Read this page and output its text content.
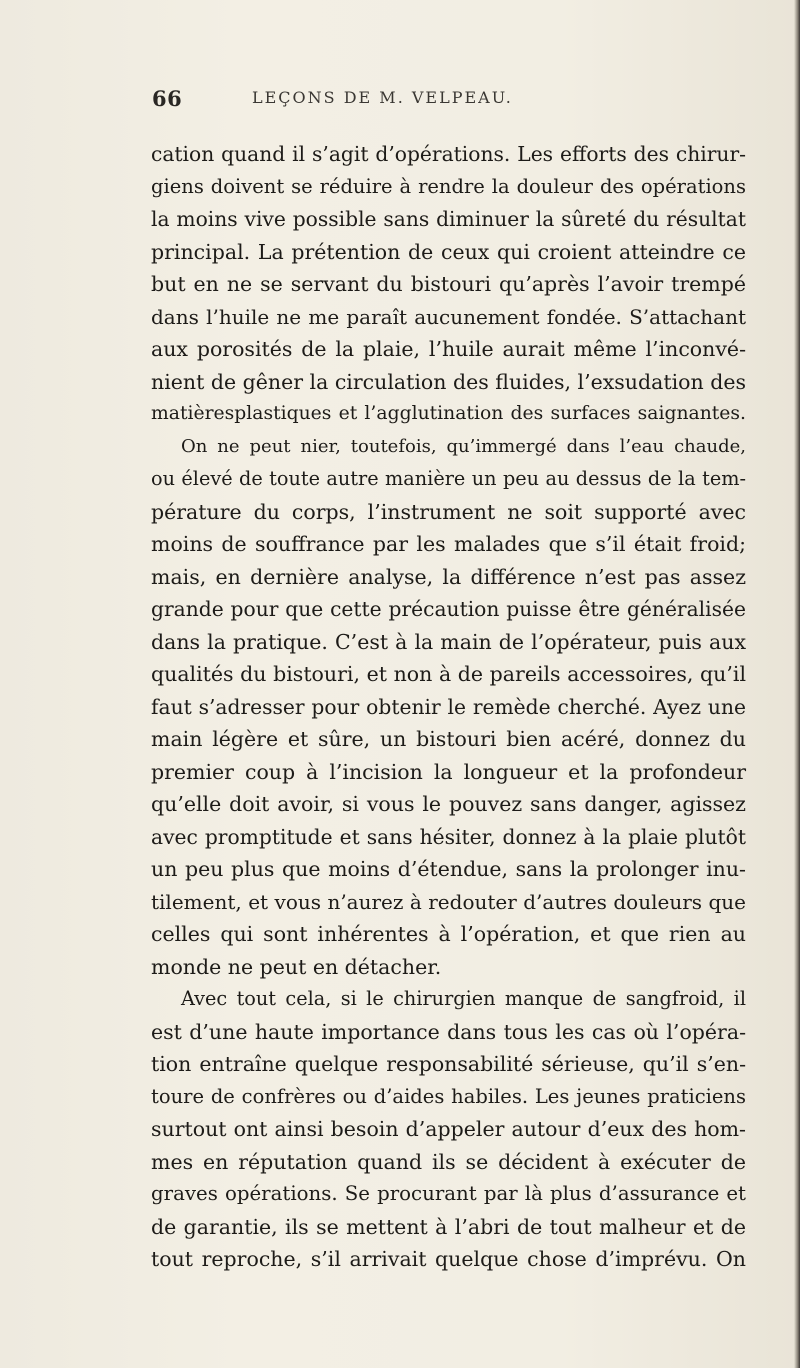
66	LEÇONS DE M. VELPEAU.
cation quand il s’agit d’opérations. Les efforts des chirur-
giens doivent se réduire à rendre la douleur des opérations
la moins vive possible sans diminuer la sûreté du résultat
principal. La prétention de ceux qui croient atteindre ce
but en ne se servant du bistouri qu’après l’avoir trempé
dans l’huile ne me paraît aucunement fondée. S’attachant
aux porosités de la plaie, l’huile aurait même l’inconvé-
nient de gêner la circulation des fluides, l’exsudation des
matièresplastiques et l’agglutination des surfaces saignantes.
On ne peut nier, toutefois, qu’immergé dans l’eau chaude,
ou élevé de toute autre manière un peu au dessus de la tem-
pérature du corps, l’instrument ne soit supporté avec
moins de souffrance par les malades que s’il était froid;
mais, en dernière analyse, la différence n’est pas assez
grande pour que cette précaution puisse être généralisée
dans la pratique. C’est à la main de l’opérateur, puis aux
qualités du bistouri, et non à de pareils accessoires, qu’il
faut s’adresser pour obtenir le remède cherché. Ayez une
main légère et sûre, un bistouri bien acéré, donnez du
premier coup à l’incision la longueur et la profondeur
qu’elle doit avoir, si vous le pouvez sans danger, agissez
avec promptitude et sans hésiter, donnez à la plaie plutôt
un peu plus que moins d’étendue, sans la prolonger inu-
tilement, et vous n’aurez à redouter d’autres douleurs que
celles qui sont inhérentes à l’opération, et que rien au
monde ne peut en détacher.
Avec tout cela, si le chirurgien manque de sangfroid, il
est d’une haute importance dans tous les cas où l’opéra-
tion entraîne quelque responsabilité sérieuse, qu’il s’en-
toure de confrères ou d’aides habiles. Les jeunes praticiens
surtout ont ainsi besoin d’appeler autour d’eux des hom-
mes en réputation quand ils se décident à exécuter de
graves opérations. Se procurant par là plus d’assurance et
de garantie, ils se mettent à l’abri de tout malheur et de
tout reproche, s’il arrivait quelque chose d’imprévu. On
